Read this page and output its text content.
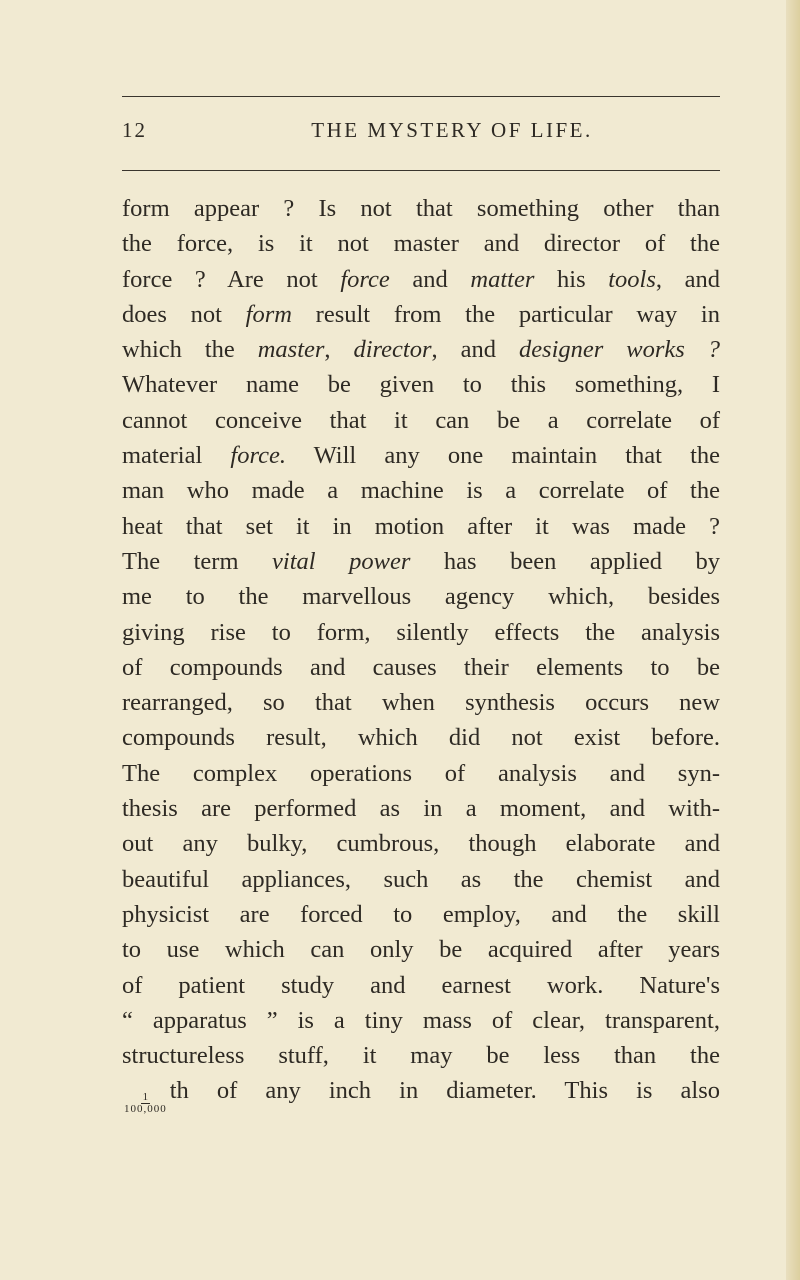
12	THE MYSTERY OF LIFE.
form appear ? Is not that something other than
the force, is it not master and director of the
force ? Are not force and matter his tools, and
does not form result from the particular way in
which the master, director, and designer works ?
Whatever name be given to this something, I
cannot conceive that it can be a correlate of
material force. Will any one maintain that the
man who made a machine is a correlate of the
heat that set it in motion after it was made ?
The term vital power has been applied by
me to the marvellous agency which, besides
giving rise to form, silently effects the analysis
of compounds and causes their elements to be
rearranged, so that when synthesis occurs new
compounds result, which did not exist before.
The complex operations of analysis and syn-
thesis are performed as in a moment, and with-
out any bulky, cumbrous, though elaborate and
beautiful appliances, such as the chemist and
physicist are forced to employ, and the skill
to use which can only be acquired after years
of patient study and earnest work. Nature's
“ apparatus ” is a tiny mass of clear, transparent,
structureless stuff, it may be less than the
$\frac{1}{100,000}$ th of any inch in diameter. This is also
